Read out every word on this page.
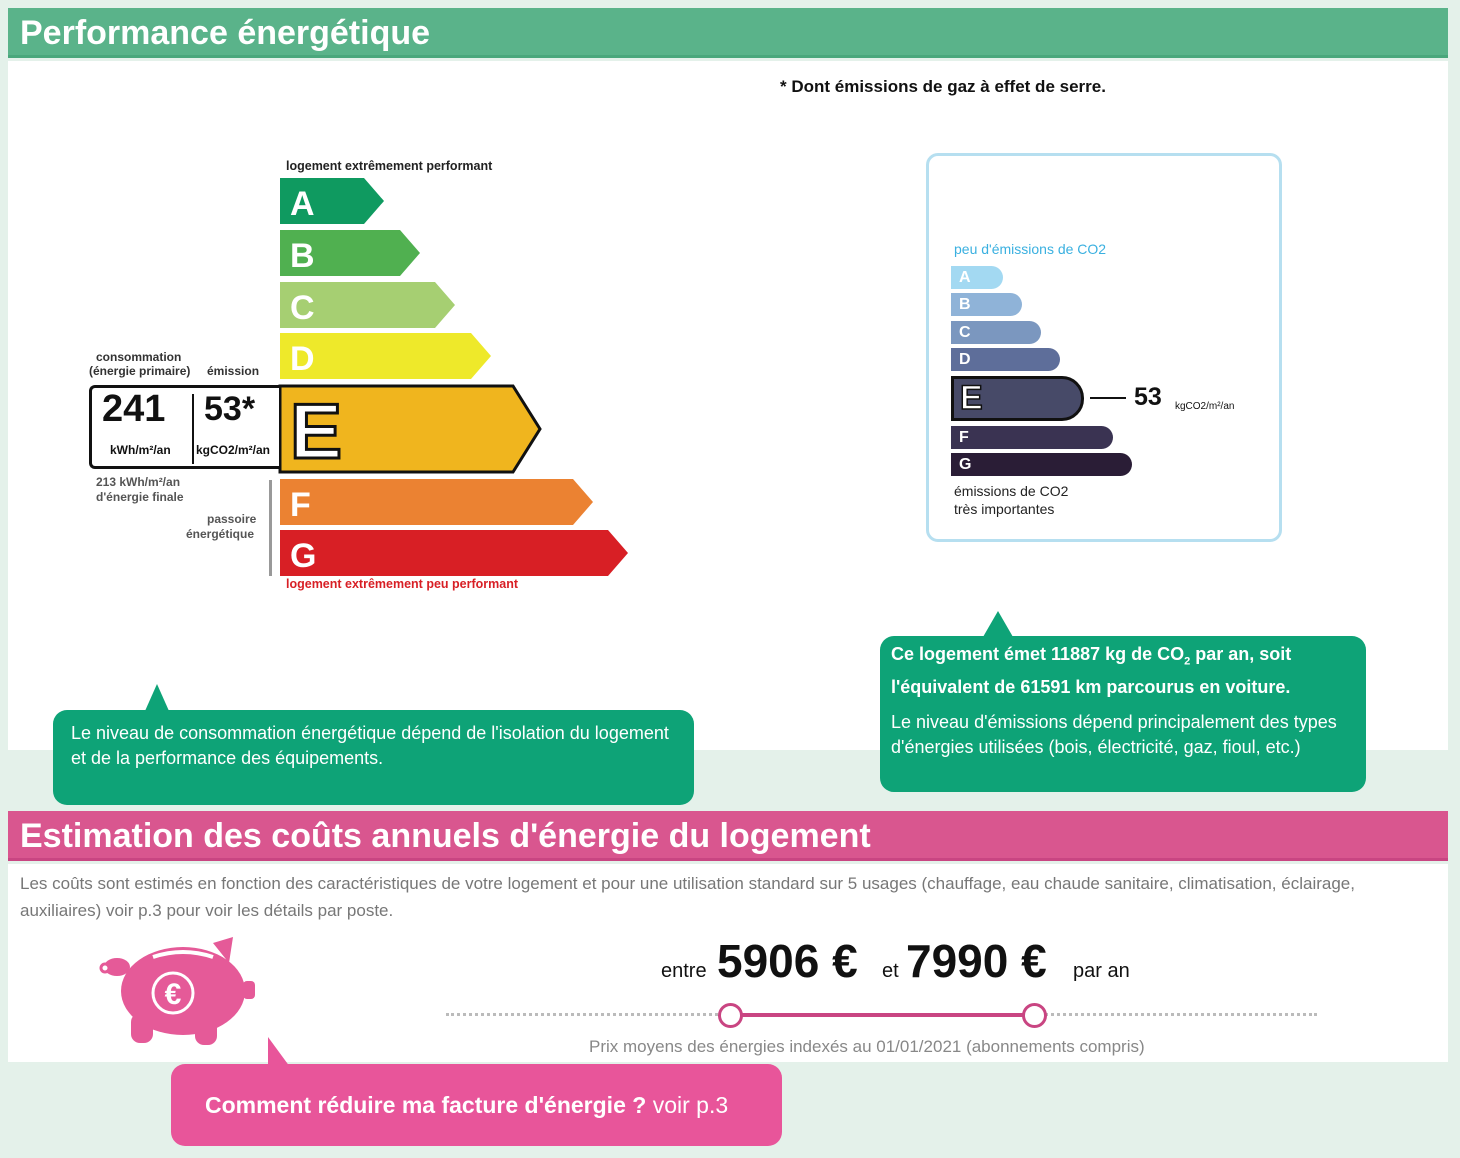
Performance énergétique
* Dont émissions de gaz à effet de serre.
logement extrêmement performant
logement extrêmement peu performant
A
B
C
D
F
G
E
consommation
(énergie primaire) émission
241
kWh/m²/an
53*
kgCO2/m²/an
213 kWh/m²/an
d'énergie finale
passoire
énergétique
peu d'émissions de CO2
A
B
C
D
E
F
G
53 kgCO2/m²/an
émissions de CO2
très importantes
Le niveau de consommation énergétique dépend de l'isolation du logement et de la performance des équipements.
Ce logement émet 11887 kg de $CO_2$ par an, soit
l'équivalent de 61591 km parcourus en voiture.
Le niveau d'émissions dépend principalement des types d'énergies utilisées (bois, électricité, gaz, fioul, etc.)
Estimation des coûts annuels d'énergie du logement
Les coûts sont estimés en fonction des caractéristiques de votre logement et pour une utilisation standard sur 5 usages (chauffage, eau chaude sanitaire, climatisation, éclairage, auxiliaires) voir p.3 pour voir les détails par poste.
€
entre 5906 € et 7990 € par an
Prix moyens des énergies indexés au 01/01/2021 (abonnements compris)
Comment réduire ma facture d'énergie ? voir p.3
